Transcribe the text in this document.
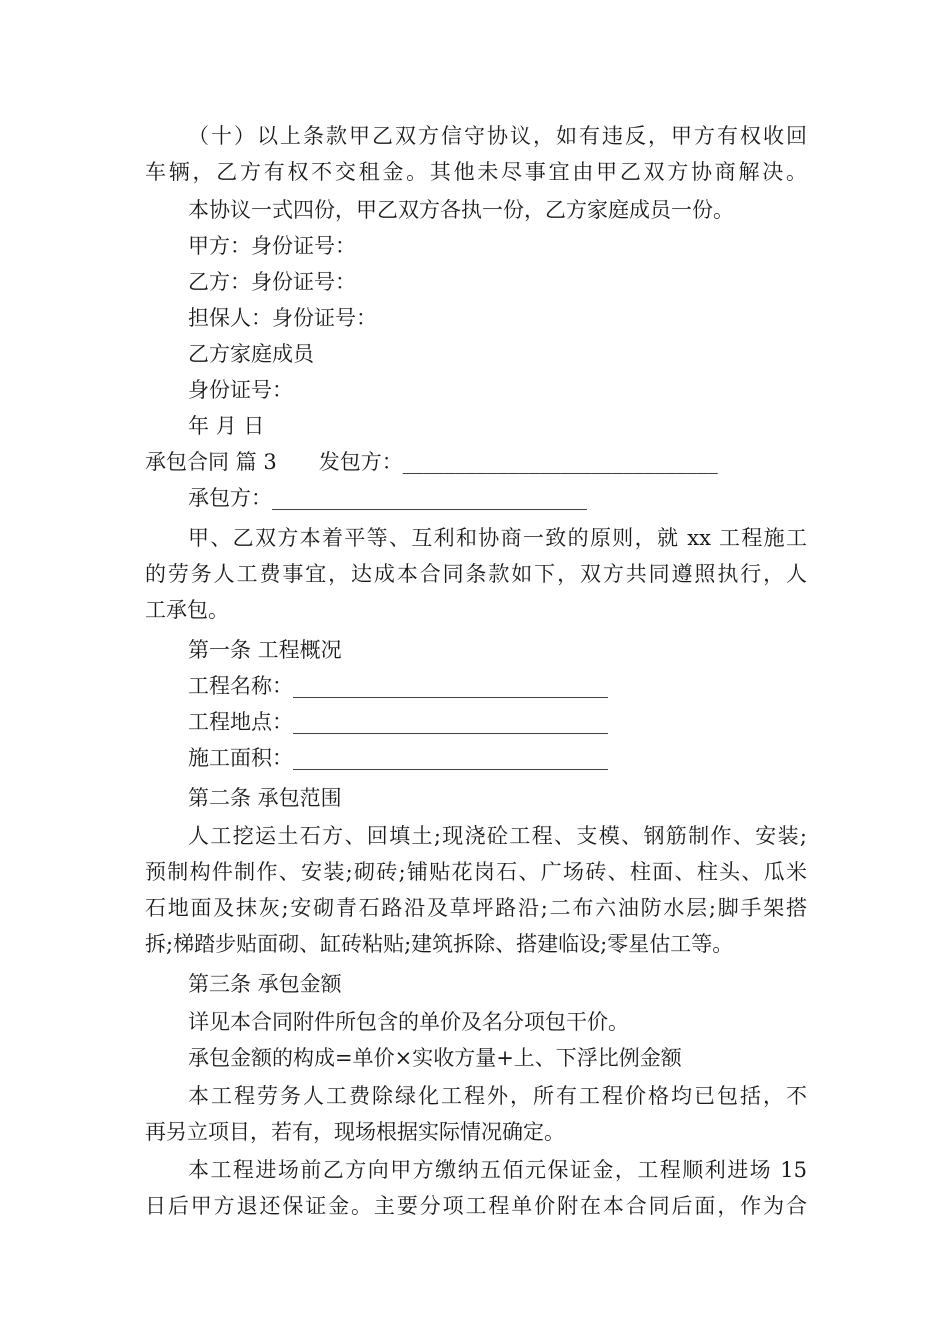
（十）以上条款甲乙双方信守协议，如有违反，甲方有权收回
车辆，乙方有权不交租金。其他未尽事宜由甲乙双方协商解决。
本协议一式四份，甲乙双方各执一份，乙方家庭成员一份。
甲方：身份证号：
乙方：身份证号：
担保人：身份证号：
乙方家庭成员
身份证号：
年 月 日
承包合同 篇 3　　发包方：______________________________
承包方：______________________________
甲、乙双方本着平等、互利和协商一致的原则，就 xx 工程施工
的劳务人工费事宜，达成本合同条款如下，双方共同遵照执行，人
工承包。
第一条 工程概况
工程名称：______________________________
工程地点：______________________________
施工面积：______________________________
第二条 承包范围
人工挖运土石方、回填土;现浇砼工程、支模、钢筋制作、安装;
预制构件制作、安装;砌砖;铺贴花岗石、广场砖、柱面、柱头、瓜米
石地面及抹灰;安砌青石路沿及草坪路沿;二布六油防水层;脚手架搭
拆;梯踏步贴面砌、缸砖粘贴;建筑拆除、搭建临设;零星估工等。
第三条 承包金额
详见本合同附件所包含的单价及名分项包干价。
承包金额的构成=单价×实收方量+上、下浮比例金额
本工程劳务人工费除绿化工程外，所有工程价格均已包括，不
再另立项目，若有，现场根据实际情况确定。
本工程进场前乙方向甲方缴纳五佰元保证金，工程顺利进场 15
日后甲方退还保证金。主要分项工程单价附在本合同后面，作为合
